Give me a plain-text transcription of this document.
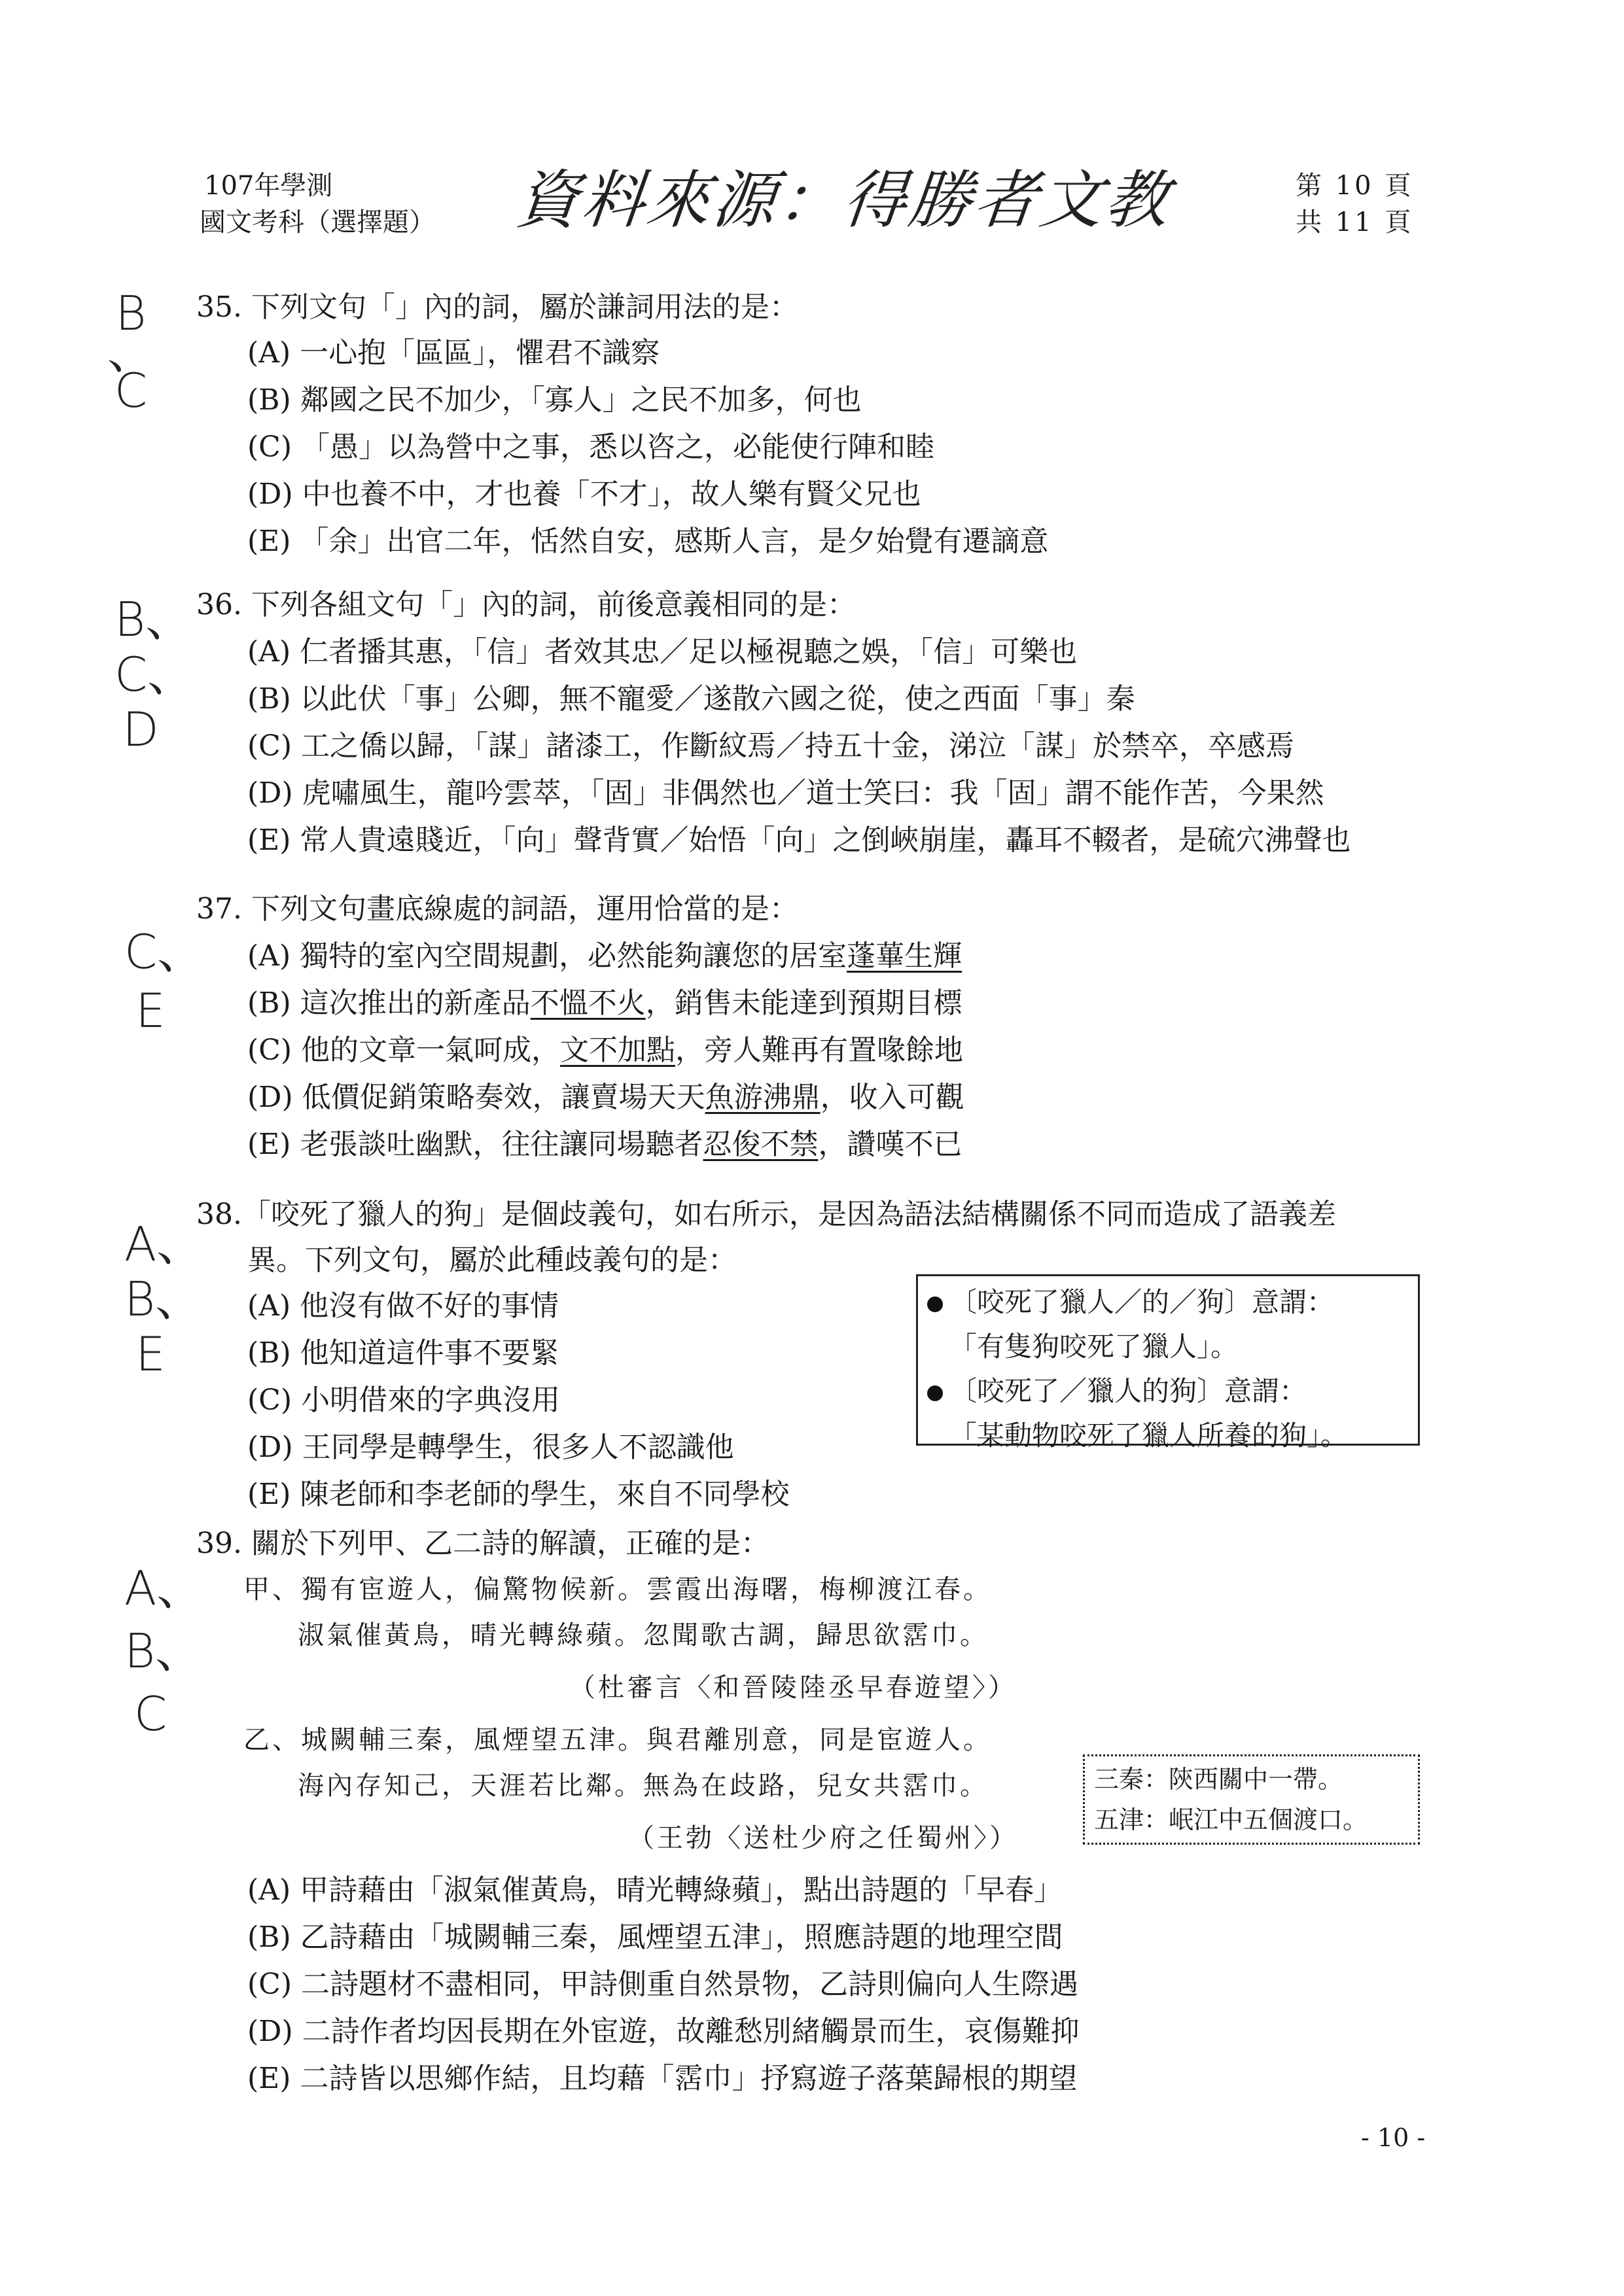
107年學測
國文考科（選擇題） 資料來源：得勝者文教	第 10 頁
共 11 頁
B
、
C
35. 下列文句「」內的詞，屬於謙詞用法的是：
(A) 一心抱「區區」，懼君不識察
(B) 鄰國之民不加少，「寡人」之民不加多，何也
(C) 「愚」以為營中之事，悉以咨之，必能使行陣和睦
(D) 中也養不中，才也養「不才」，故人樂有賢父兄也
(E) 「余」出官二年，恬然自安，感斯人言，是夕始覺有遷謫意
B、
C、
D
36. 下列各組文句「」內的詞，前後意義相同的是：
(A) 仁者播其惠，「信」者效其忠／足以極視聽之娛，「信」可樂也
(B) 以此伏「事」公卿，無不寵愛／遂散六國之從，使之西面「事」秦
(C) 工之僑以歸，「謀」諸漆工，作斷紋焉／持五十金，涕泣「謀」於禁卒，卒感焉
(D) 虎嘯風生，龍吟雲萃，「固」非偶然也／道士笑曰：我「固」謂不能作苦，今果然
(E) 常人貴遠賤近，「向」聲背實／始悟「向」之倒峽崩崖，轟耳不輟者，是硫穴沸聲也
C、
E
37. 下列文句畫底線處的詞語，運用恰當的是：
(A) 獨特的室內空間規劃，必然能夠讓您的居室蓬蓽生輝
(B) 這次推出的新產品不慍不火，銷售未能達到預期目標
(C) 他的文章一氣呵成，文不加點，旁人難再有置喙餘地
(D) 低價促銷策略奏效，讓賣場天天魚游沸鼎，收入可觀
(E) 老張談吐幽默，往往讓同場聽者忍俊不禁，讚嘆不已
A、
B、
E
38.「咬死了獵人的狗」是個歧義句，如右所示，是因為語法結構關係不同而造成了語義差
異。下列文句，屬於此種歧義句的是：
(A) 他沒有做不好的事情
(B) 他知道這件事不要緊
(C) 小明借來的字典沒用
(D) 王同學是轉學生，很多人不認識他
(E) 陳老師和李老師的學生，來自不同學校
〔咬死了獵人／的／狗〕意謂：
「有隻狗咬死了獵人」。
〔咬死了／獵人的狗〕意謂：
「某動物咬死了獵人所養的狗」。
A、
B、
C
39. 關於下列甲、乙二詩的解讀，正確的是：
甲、獨有宦遊人，偏驚物候新。雲霞出海曙，梅柳渡江春。
淑氣催黃鳥，晴光轉綠蘋。忽聞歌古調，歸思欲霑巾。
（杜審言〈和晉陵陸丞早春遊望〉）
乙、城闕輔三秦，風煙望五津。與君離別意，同是宦遊人。
海內存知己，天涯若比鄰。無為在歧路，兒女共霑巾。
（王勃〈送杜少府之任蜀州〉）
三秦：陝西關中一帶。
五津：岷江中五個渡口。
(A) 甲詩藉由「淑氣催黃鳥，晴光轉綠蘋」，點出詩題的「早春」
(B) 乙詩藉由「城闕輔三秦，風煙望五津」，照應詩題的地理空間
(C) 二詩題材不盡相同，甲詩側重自然景物，乙詩則偏向人生際遇
(D) 二詩作者均因長期在外宦遊，故離愁別緒觸景而生，哀傷難抑
(E) 二詩皆以思鄉作結，且均藉「霑巾」抒寫遊子落葉歸根的期望
- 10 -
